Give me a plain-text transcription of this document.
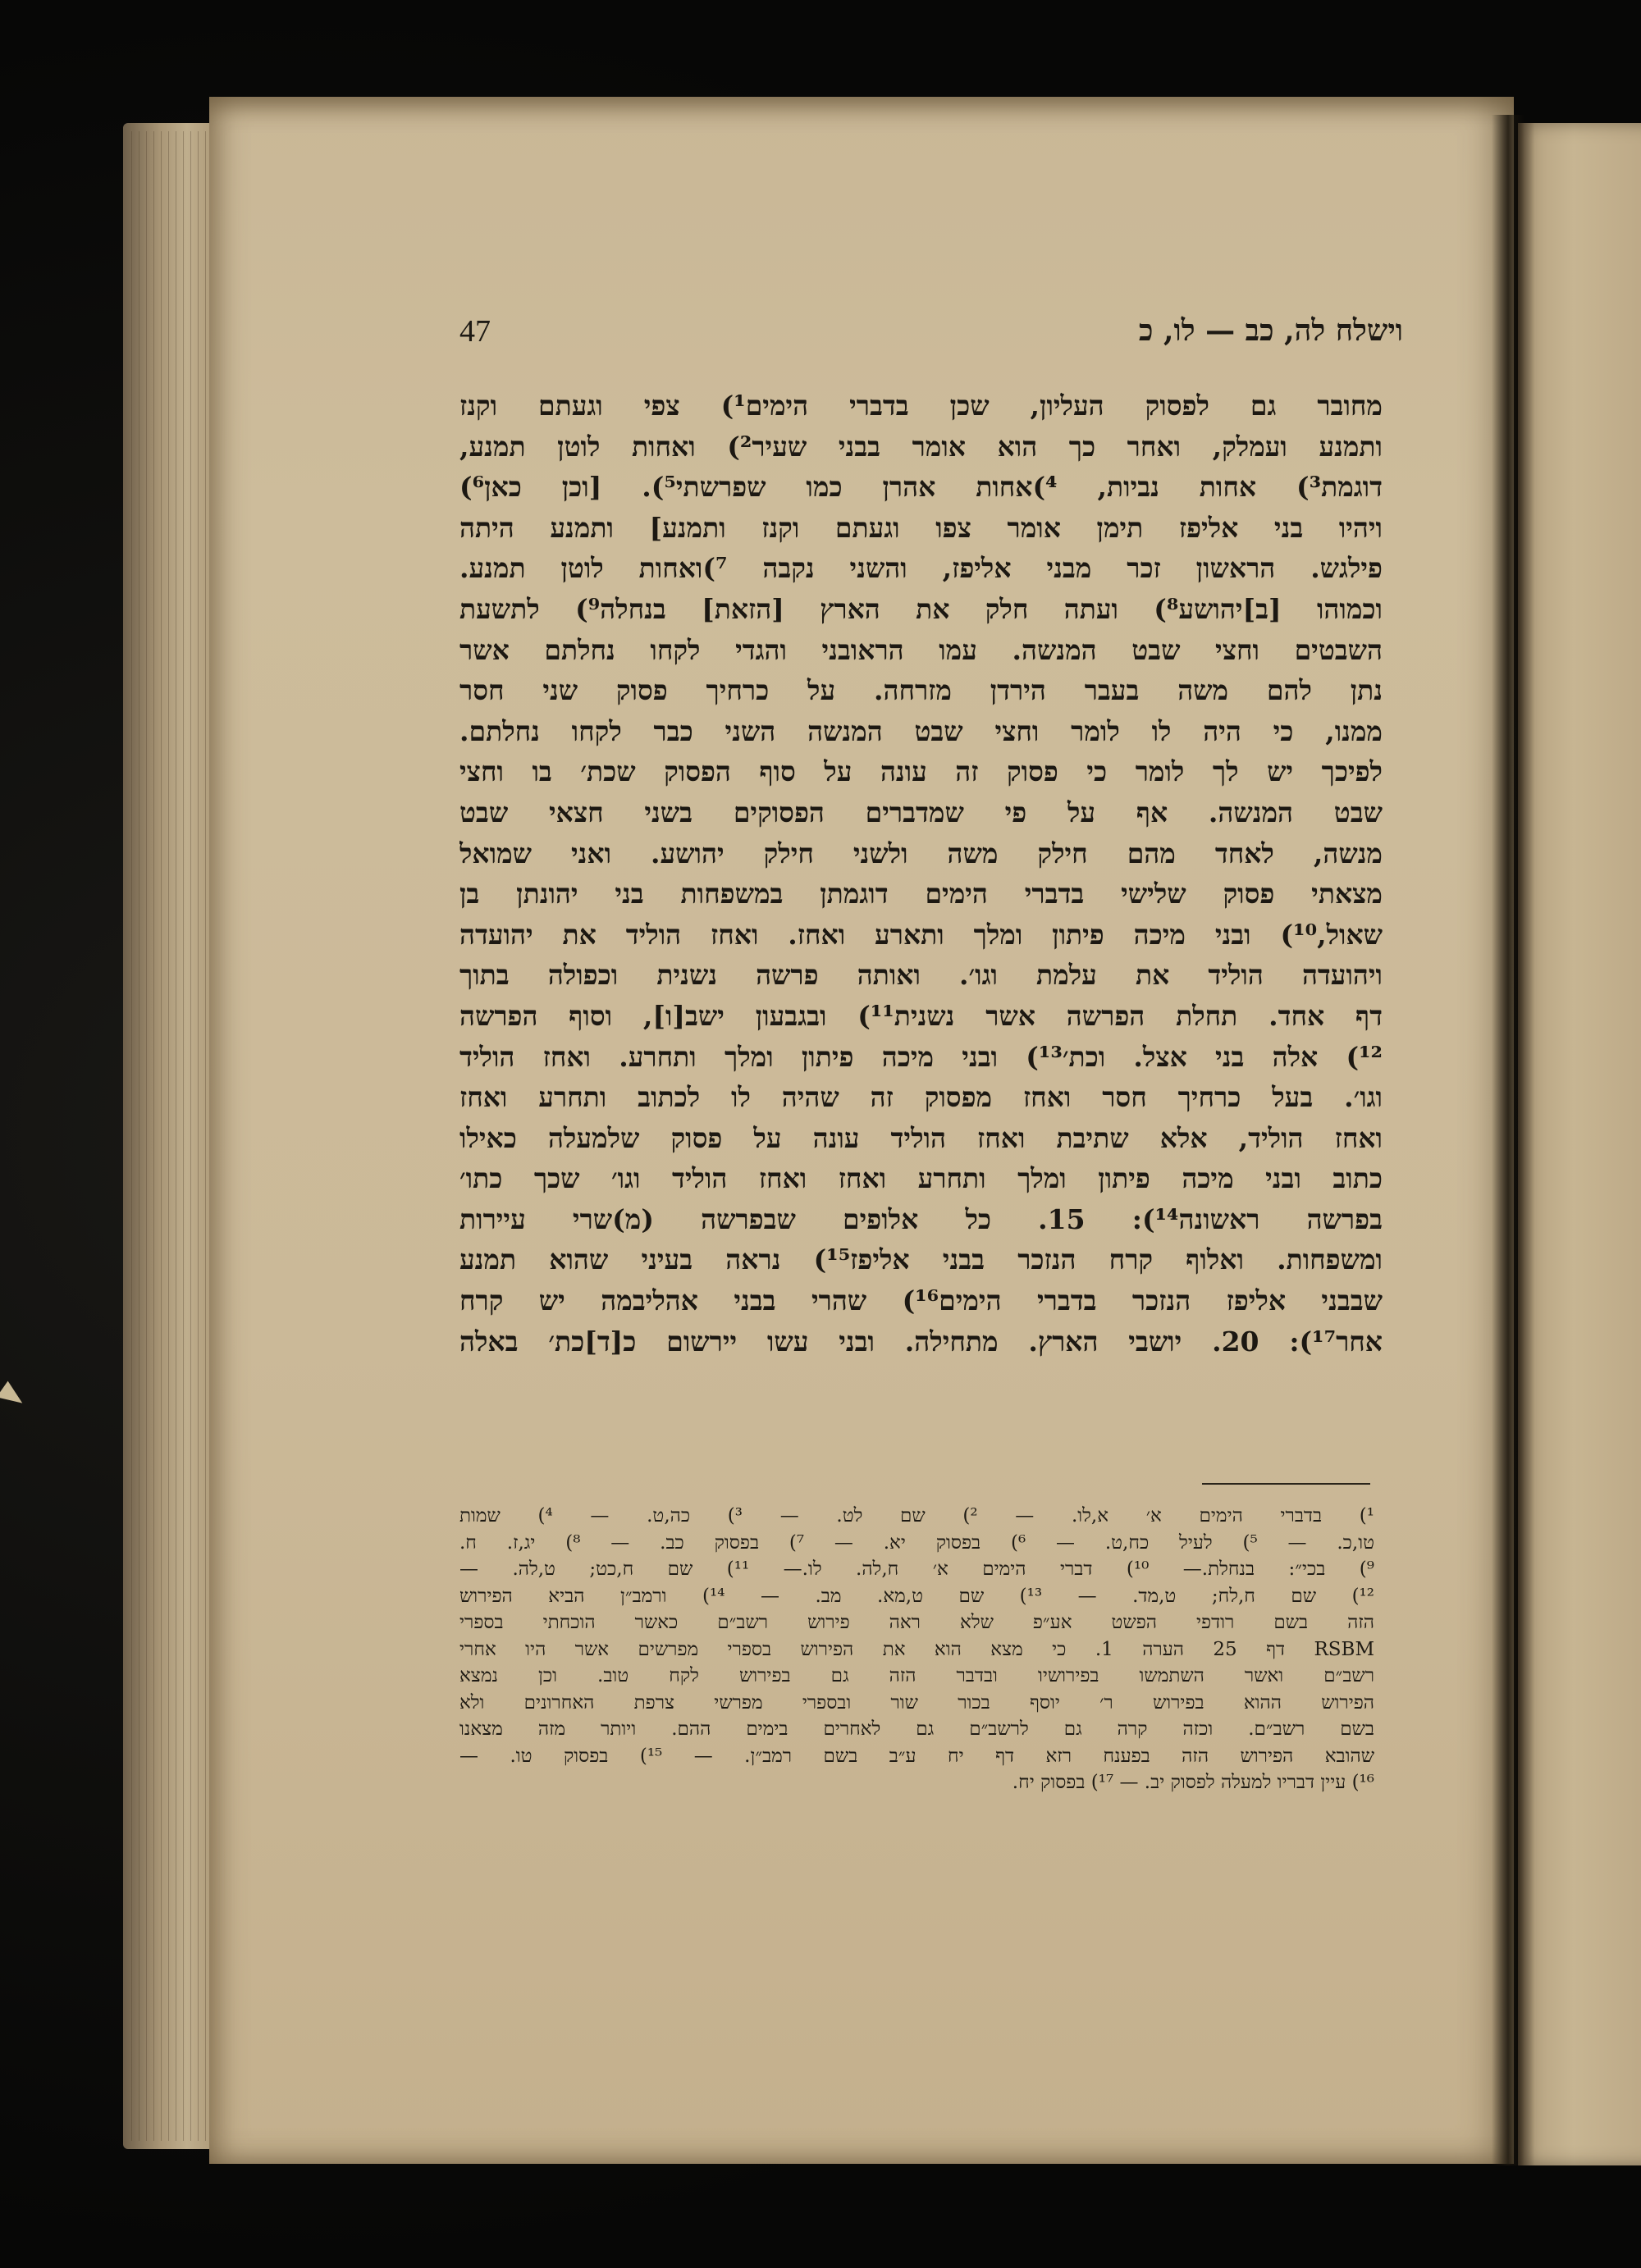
47	וישלח לה, כב — לו, כ
מחובר גם לפסוק העליון, שכן בדברי הימים¹) צפי וגעתם וקנז
ותמנע ועמלק, ואחר כך הוא אומר בבני שעיר²) ואחות לוטן תמנע,
דוגמת³) אחות נביות, ⁴)אחות אהרן כמו שפרשתי⁵). [וכן כאן⁶)
ויהיו בני אליפז תימן אומר צפו וגעתם וקנז ותמנע] ותמנע היתה
פילגש. הראשון זכר מבני אליפז, והשני נקבה ⁷)ואחות לוטן תמנע.
וכמוהו [ב]יהושע⁸) ועתה חלק את הארץ [הזאת] בנחלה⁹) לתשעת
השבטים וחצי שבט המנשה. עמו הראובני והגדי לקחו נחלתם אשר
נתן להם משה בעבר הירדן מזרחה. על כרחיך פסוק שני חסר
ממנו, כי היה לו לומר וחצי שבט המנשה השני כבר לקחו נחלתם.
לפיכך יש לך לומר כי פסוק זה עונה על סוף הפסוק שכת׳ בו וחצי
שבט המנשה. אף על פי שמדברים הפסוקים בשני חצאי שבט
מנשה, לאחד מהם חילק משה ולשני חילק יהושע. ואני שמואל
מצאתי פסוק שלישי בדברי הימים דוגמתן במשפחות בני יהונתן בן
שאול,¹⁰) ובני מיכה פיתון ומלך ותארע ואחז. ואחז הוליד את יהועדה
ויהועדה הוליד את עלמת וגו׳. ואותה פרשה נשנית וכפולה בתוך
דף אחד. תחלת הפרשה אשר נשנית¹¹) ובגבעון ישב[ו], וסוף הפרשה
¹²) אלה בני אצל. וכת׳¹³) ובני מיכה פיתון ומלך ותחרע. ואחז הוליד
וגו׳. בעל כרחיך חסר ואחז מפסוק זה שהיה לו לכתוב ותחרע ואחז
ואחז הוליד, אלא שתיבת ואחז הוליד עונה על פסוק שלמעלה כאילו
כתוב ובני מיכה פיתון ומלך ותחרע ואחז ואחז הוליד וגו׳ שכך כתו׳
בפרשה ראשונה¹⁴): 15. כל אלופים שבפרשה (מ)שרי עיירות
ומשפחות. ואלוף קרח הנזכר בבני אליפז¹⁵) נראה בעיני שהוא תמנע
שבבני אליפז הנזכר בדברי הימים¹⁶) שהרי בבני אהליבמה יש קרח
אחר¹⁷): 20. יושבי הארץ. מתחילה. ובני עשו יירשום כ[ד]כת׳ באלה
¹) בדברי הימים א׳ א,לו. — ²) שם לט. — ³) כה,ט. — ⁴) שמות
טו,כ. — ⁵) לעיל כח,ט. — ⁶) בפסוק יא. — ⁷) בפסוק כב. — ⁸) יג,ז. ח.
⁹) בכי״: בנחלת.— ¹⁰) דברי הימים א׳ ח,לה. לו.— ¹¹) שם ח,כט; ט,לה. —
¹²) שם ח,לח; ט,מד. — ¹³) שם ט,מא. מב. — ¹⁴) ורמב״ן הביא הפירוש
הזה בשם רודפי הפשט אע״פ שלא ראה פירוש רשב״ם כאשר הוכחתי בספרי
RSBM דף 25 הערה 1. כי מצא הוא את הפירוש בספרי מפרשים אשר היו אחרי
רשב״ם ואשר השתמשו בפירושיו ובדבר הזה גם בפירוש לקח טוב. וכן נמצא
הפירוש ההוא בפירוש ר׳ יוסף בכור שור ובספרי מפרשי צרפת האחרונים ולא
בשם רשב״ם. וכזה קרה גם לרשב״ם גם לאחרים בימים ההם. ויותר מזה מצאנו
שהובא הפירוש הזה בפענח רזא דף יח ע״ב בשם רמב״ן. — ¹⁵) בפסוק טו. —
¹⁶) עיין דבריו למעלה לפסוק יב. — ¹⁷) בפסוק יח.
